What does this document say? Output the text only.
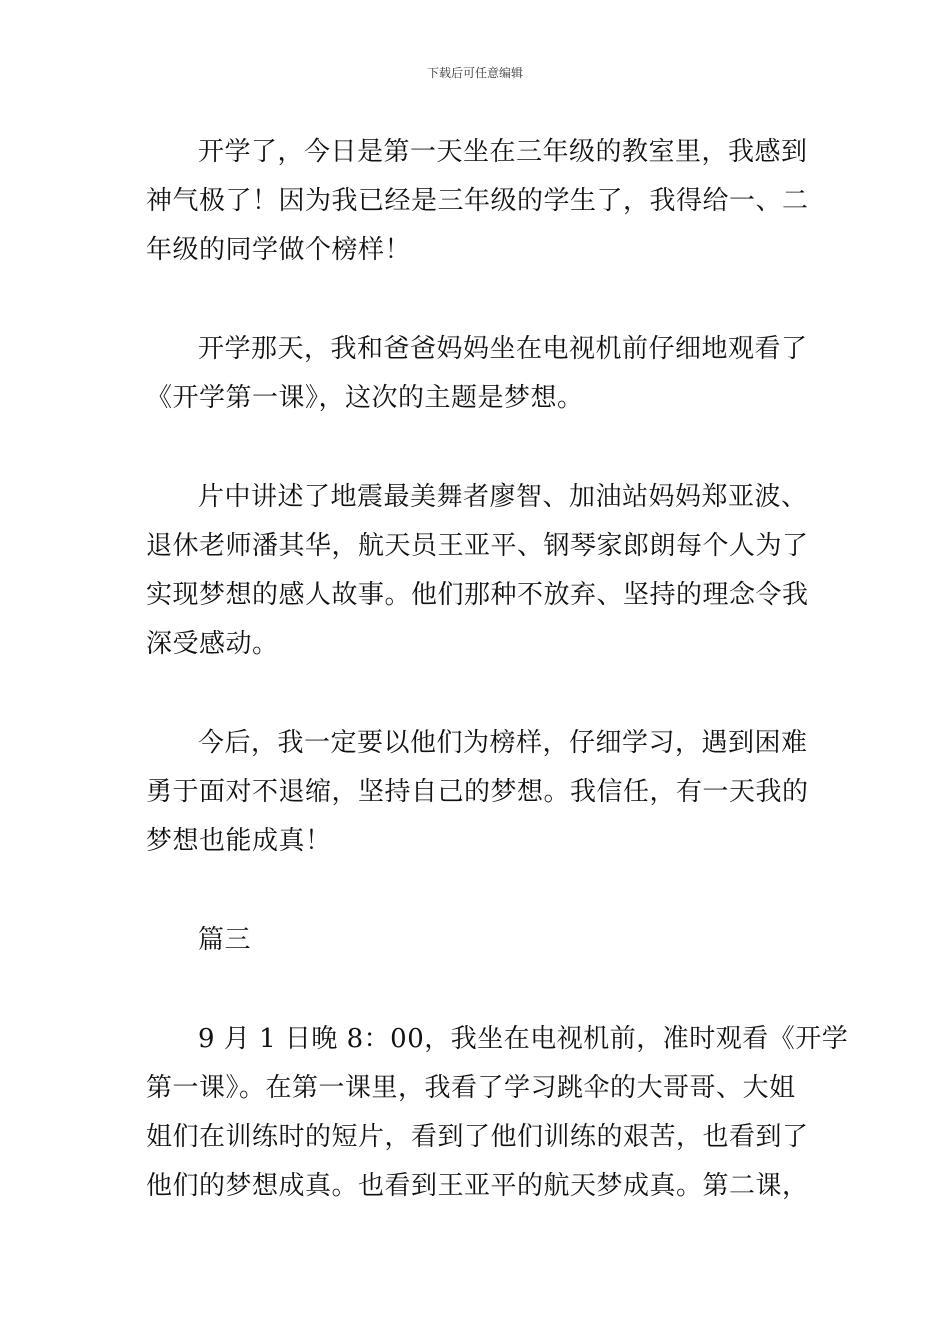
下载后可任意编辑

开学了，今日是第一天坐在三年级的教室里，我感到
神气极了！因为我已经是三年级的学生了，我得给一、二
年级的同学做个榜样！

开学那天，我和爸爸妈妈坐在电视机前仔细地观看了
《开学第一课》，这次的主题是梦想。

片中讲述了地震最美舞者廖智、加油站妈妈郑亚波、
退休老师潘其华，航天员王亚平、钢琴家郎朗每个人为了
实现梦想的感人故事。他们那种不放弃、坚持的理念令我
深受感动。

今后，我一定要以他们为榜样，仔细学习，遇到困难
勇于面对不退缩，坚持自己的梦想。我信任，有一天我的
梦想也能成真！

篇三

9 月 1 日晚 8：00，我坐在电视机前，准时观看《开学
第一课》。在第一课里，我看了学习跳伞的大哥哥、大姐
姐们在训练时的短片，看到了他们训练的艰苦，也看到了
他们的梦想成真。也看到王亚平的航天梦成真。第二课，
